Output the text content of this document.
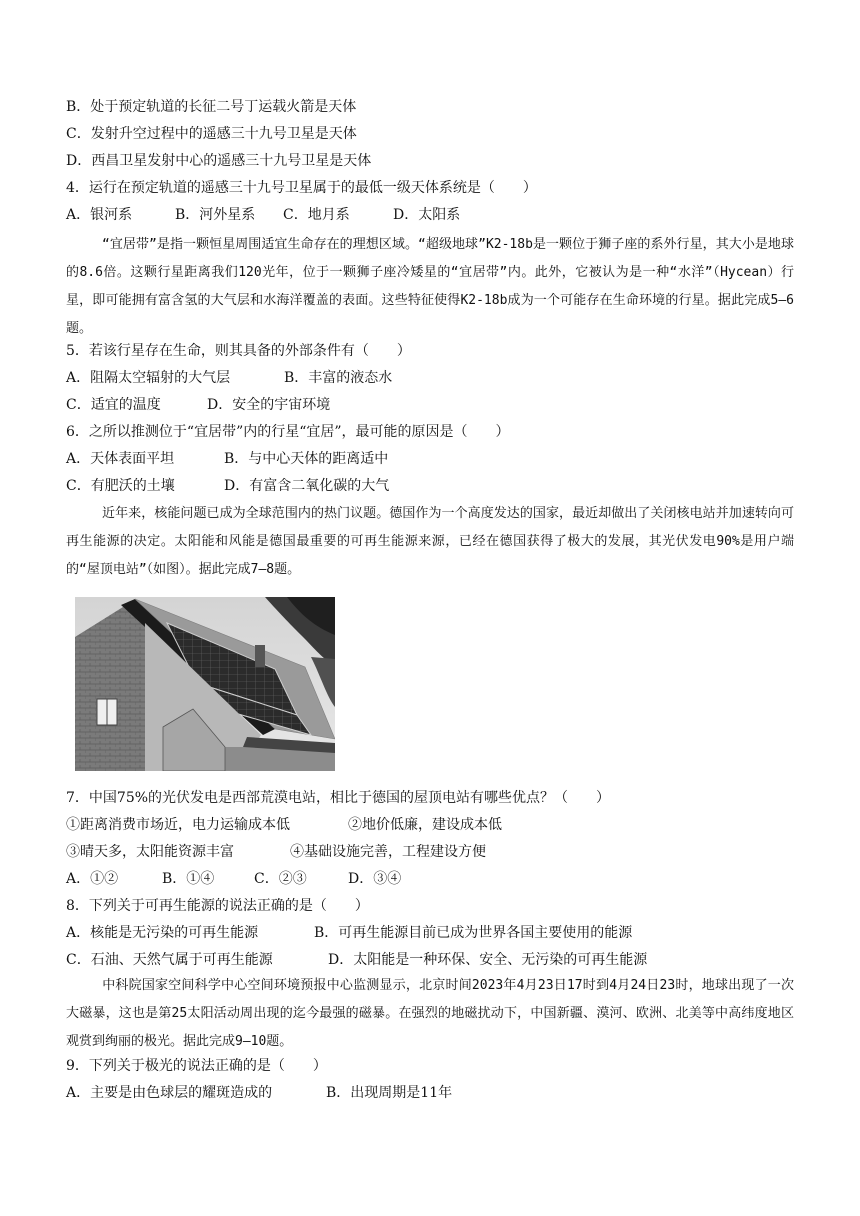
B．处于预定轨道的长征二号丁运载火箭是天体
C．发射升空过程中的遥感三十九号卫星是天体
D．西昌卫星发射中心的遥感三十九号卫星是天体
4．运行在预定轨道的遥感三十九号卫星属于的最低一级天体系统是（　　）
A．银河系	B．河外星系	C．地月系	D．太阳系
“宜居带”是指一颗恒星周围适宜生命存在的理想区域。“超级地球”K2-18b是一颗位于狮子座的系外行星，其大小是地球的8.6倍。这颗行星距离我们120光年，位于一颗狮子座冷矮星的“宜居带”内。此外，它被认为是一种“水洋”（Hycean）行星，即可能拥有富含氢的大气层和水海洋覆盖的表面。这些特征使得K2-18b成为一个可能存在生命环境的行星。据此完成5—6题。
5．若该行星存在生命，则其具备的外部条件有（　　）
A．阻隔太空辐射的大气层	B．丰富的液态水
C．适宜的温度	D．安全的宇宙环境
6．之所以推测位于“宜居带”内的行星“宜居”，最可能的原因是（　　）
A．天体表面平坦	B．与中心天体的距离适中
C．有肥沃的土壤	D．有富含二氧化碳的大气
近年来，核能问题已成为全球范围内的热门议题。德国作为一个高度发达的国家，最近却做出了关闭核电站并加速转向可再生能源的决定。太阳能和风能是德国最重要的可再生能源来源，已经在德国获得了极大的发展，其光伏发电90%是用户端的“屋顶电站”（如图）。据此完成7—8题。
7．中国75%的光伏发电是西部荒漠电站，相比于德国的屋顶电站有哪些优点？（　　）
①距离消费市场近，电力运输成本低	②地价低廉，建设成本低
③晴天多，太阳能资源丰富	④基础设施完善，工程建设方便
A．①②	B．①④	C．②③	D．③④
8．下列关于可再生能源的说法正确的是（　　）
A．核能是无污染的可再生能源	B．可再生能源目前已成为世界各国主要使用的能源
C．石油、天然气属于可再生能源	D．太阳能是一种环保、安全、无污染的可再生能源
中科院国家空间科学中心空间环境预报中心监测显示，北京时间2023年4月23日17时到4月24日23时，地球出现了一次大磁暴，这也是第25太阳活动周出现的迄今最强的磁暴。在强烈的地磁扰动下，中国新疆、漠河、欧洲、北美等中高纬度地区观赏到绚丽的极光。据此完成9—10题。
9．下列关于极光的说法正确的是（　　）
A．主要是由色球层的耀斑造成的	B．出现周期是11年
